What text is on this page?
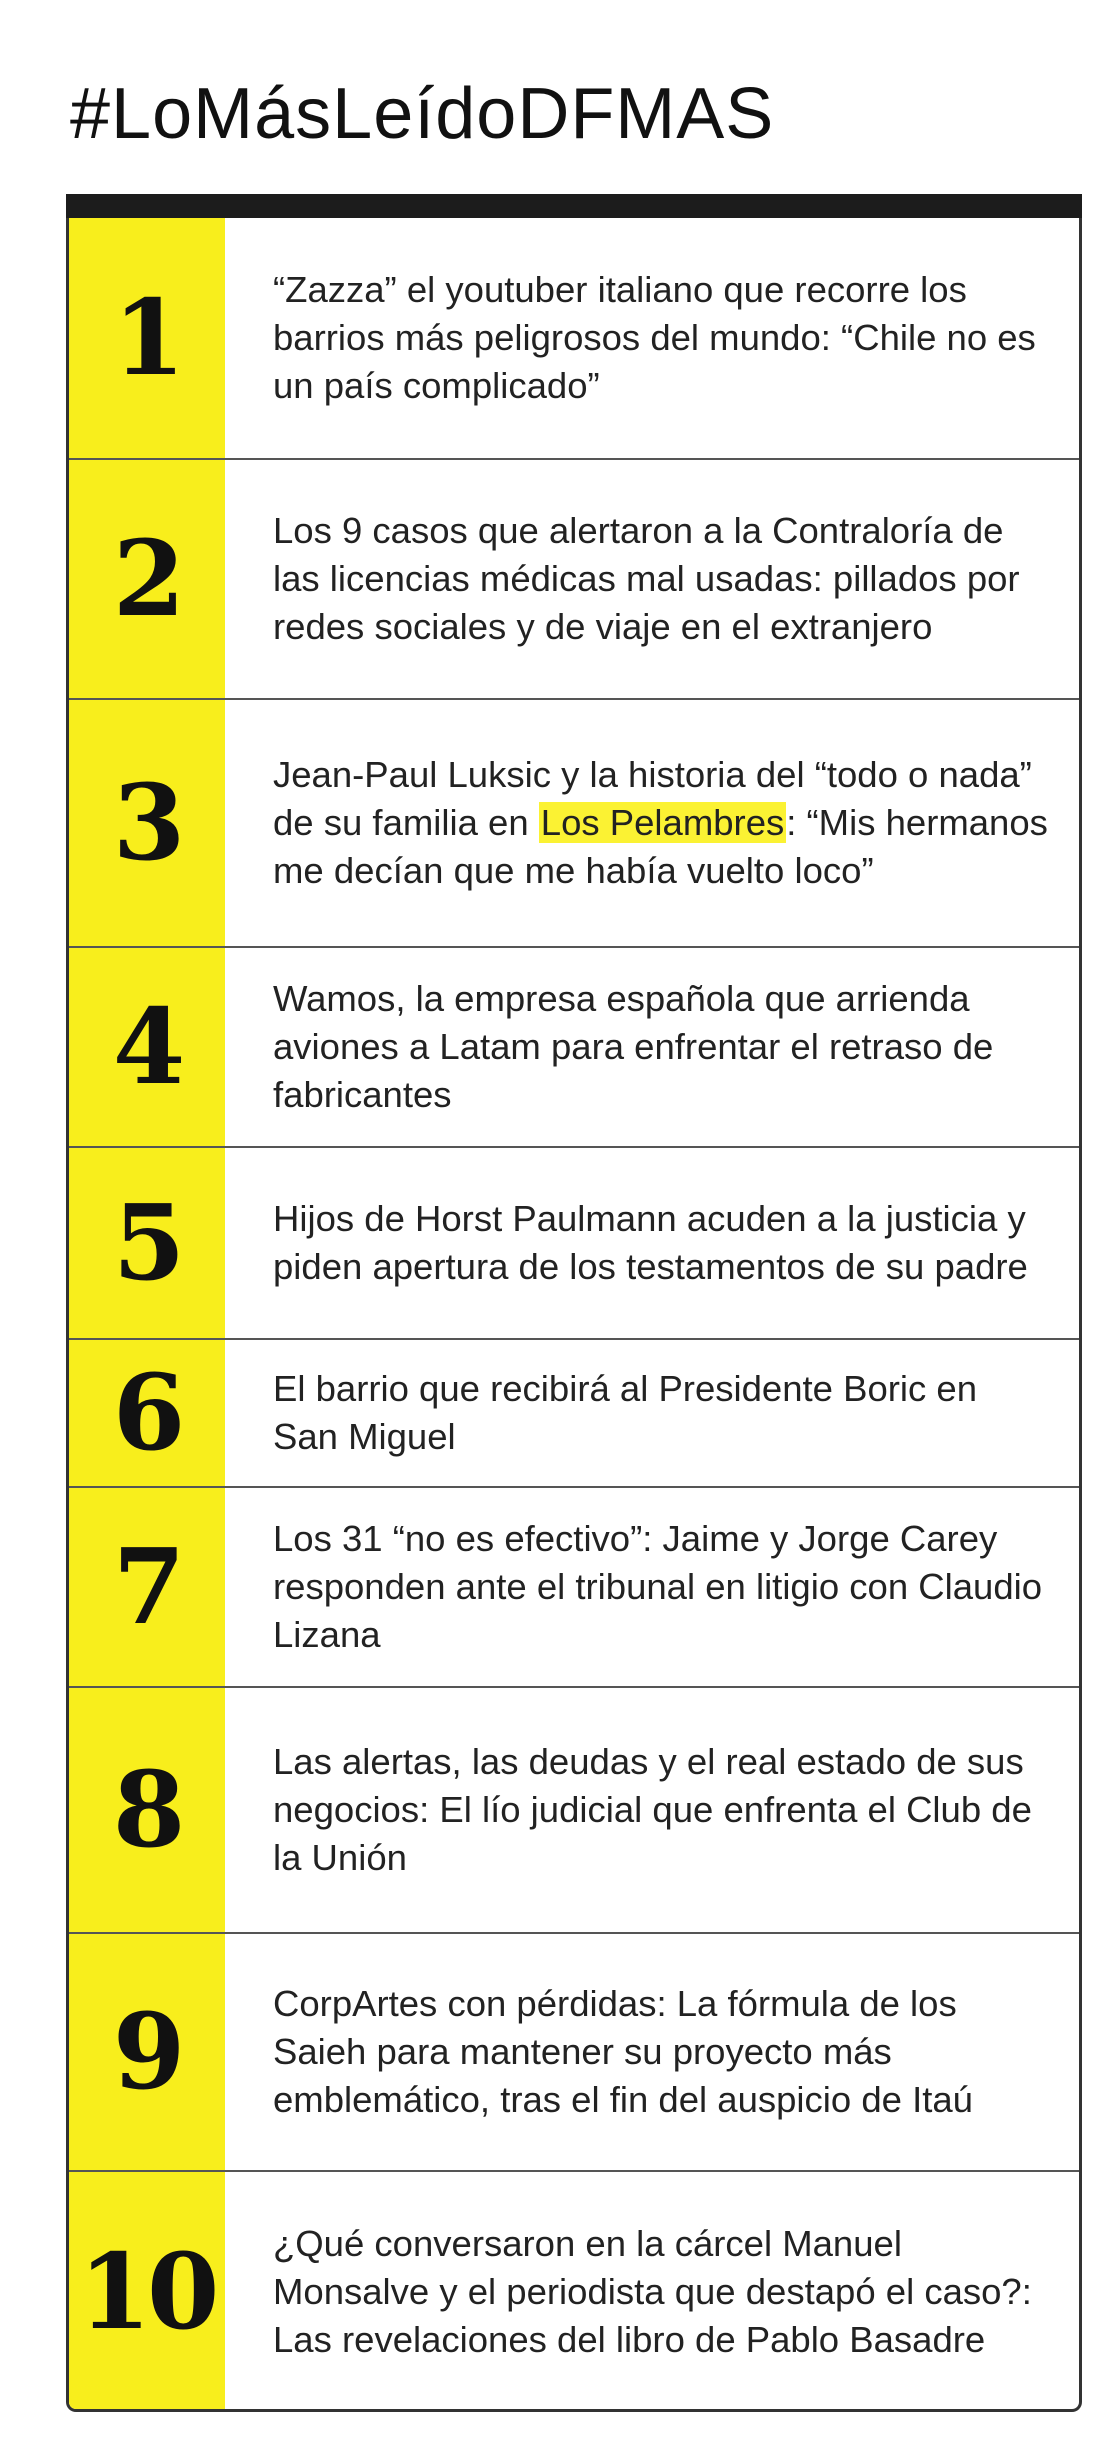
#LoMásLeídoDFMAS
1	“Zazza” el youtuber italiano que recorre los barrios más peligrosos del mundo: “Chile no es un país complicado”
2	Los 9 casos que alertaron a la Contraloría de las licencias médicas mal usadas: pillados por redes sociales y de viaje en el extranjero
3	Jean-Paul Luksic y la historia del “todo o nada” de su familia en Los Pelambres: “Mis hermanos me decían que me había vuelto loco”
4	Wamos, la empresa española que arrienda aviones a Latam para enfrentar el retraso de fabricantes
5	Hijos de Horst Paulmann acuden a la justicia y piden apertura de los testamentos de su padre
6	El barrio que recibirá al Presidente Boric en San Miguel
7	Los 31 “no es efectivo”: Jaime y Jorge Carey responden ante el tribunal en litigio con Claudio Lizana
8	Las alertas, las deudas y el real estado de sus negocios: El lío judicial que enfrenta el Club de la Unión
9	CorpArtes con pérdidas: La fórmula de los Saieh para mantener su proyecto más emblemático, tras el fin del auspicio de Itaú
10 ¿Qué conversaron en la cárcel Manuel Monsalve y el periodista que destapó el caso?: Las revelaciones del libro de Pablo Basadre
